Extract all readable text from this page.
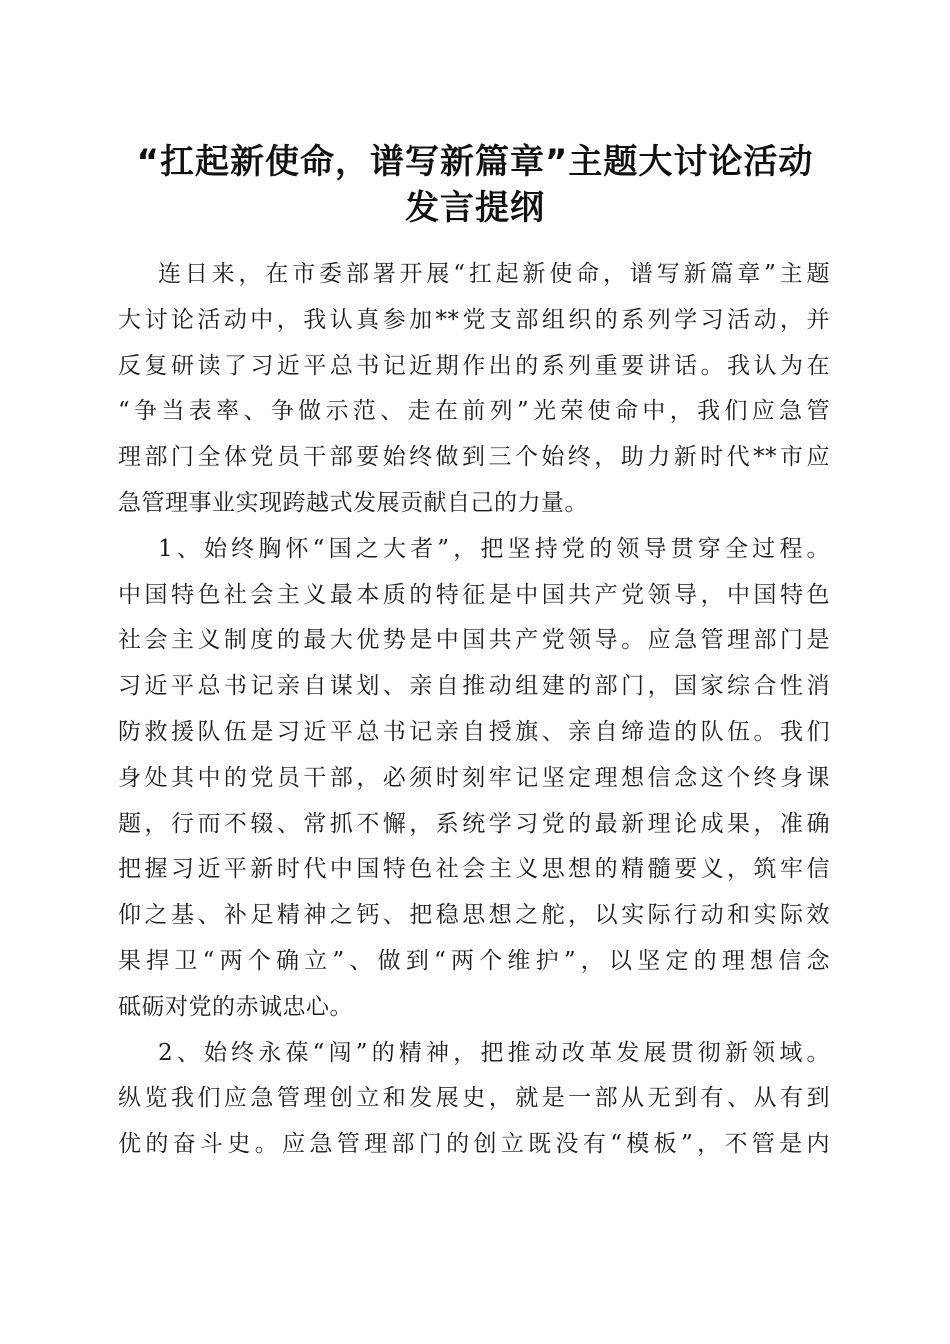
“扛起新使命，谱写新篇章”主题大讨论活动
发言提纲
连日来，在市委部署开展“扛起新使命，谱写新篇章”主题
大讨论活动中，我认真参加**党支部组织的系列学习活动，并
反复研读了习近平总书记近期作出的系列重要讲话。我认为在
“争当表率、争做示范、走在前列”光荣使命中，我们应急管
理部门全体党员干部要始终做到三个始终，助力新时代**市应
急管理事业实现跨越式发展贡献自己的力量。
1、始终胸怀“国之大者”，把坚持党的领导贯穿全过程。
中国特色社会主义最本质的特征是中国共产党领导，中国特色
社会主义制度的最大优势是中国共产党领导。应急管理部门是
习近平总书记亲自谋划、亲自推动组建的部门，国家综合性消
防救援队伍是习近平总书记亲自授旗、亲自缔造的队伍。我们
身处其中的党员干部，必须时刻牢记坚定理想信念这个终身课
题，行而不辍、常抓不懈，系统学习党的最新理论成果，准确
把握习近平新时代中国特色社会主义思想的精髓要义，筑牢信
仰之基、补足精神之钙、把稳思想之舵，以实际行动和实际效
果捍卫“两个确立”、做到“两个维护”，以坚定的理想信念
砥砺对党的赤诚忠心。
2、始终永葆“闯”的精神，把推动改革发展贯彻新领域。
纵览我们应急管理创立和发展史，就是一部从无到有、从有到
优的奋斗史。应急管理部门的创立既没有“模板”，不管是内
